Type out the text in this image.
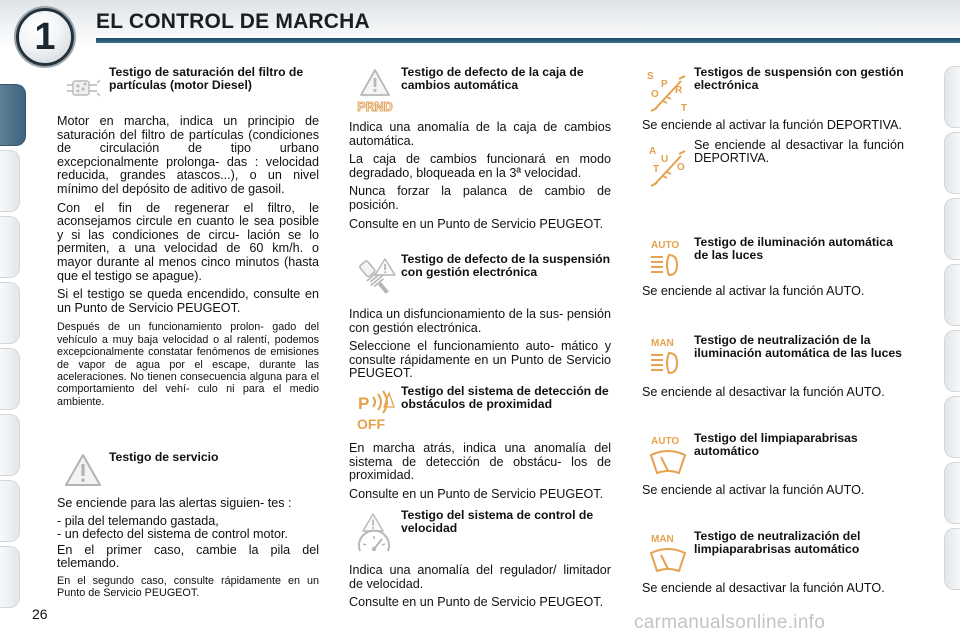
1	EL CONTROL DE MARCHA
Testigo de saturación del filtro de partículas (motor Diesel)

Motor en marcha, indica un principio de saturación del filtro de partículas (condiciones de circulación de tipo urbano excepcionalmente prolonga- das : velocidad reducida, grandes atascos...), o un nivel mínimo del depósito de aditivo de gasoil.

Con el fin de regenerar el filtro, le aconsejamos circule en cuanto le sea posible y si las condiciones de circu- lación se lo permiten, a una velocidad de 60 km/h. o mayor durante al menos cinco minutos (hasta que el testigo se apague).

Si el testigo se queda encendido, consulte en un Punto de Servicio PEUGEOT.

Después de un funcionamiento prolon- gado del vehículo a muy baja velocidad o al ralentí, podemos excepcionalmente constatar fenómenos de emisiones de vapor de agua por el escape, durante las aceleraciones. No tienen consecuencia alguna para el comportamiento del vehí- culo ni para el medio ambiente.

Testigo de servicio

Se enciende para las alertas siguien- tes :

- pila del telemando gastada,
- un defecto del sistema de control motor.

En el primer caso, cambie la pila del telemando.

En el segundo caso, consulte rápidamente en un Punto de Servicio PEUGEOT.

PRND
Testigo de defecto de la caja de cambios automática

Indica una anomalía de la caja de cambios automática.

La caja de cambios funcionará en modo degradado, bloqueada en la 3ª velocidad.

Nunca forzar la palanca de cambio de posición.

Consulte en un Punto de Servicio PEUGEOT.

Testigo de defecto de la suspensión con gestión electrónica

Indica un disfuncionamiento de la sus- pensión con gestión electrónica.

Seleccione el funcionamiento auto- mático y consulte rápidamente en un Punto de Servicio PEUGEOT.

P
OFF
Testigo del sistema de detección de obstáculos de proximidad

En marcha atrás, indica una anomalía del sistema de detección de obstácu- los de proximidad.

Consulte en un Punto de Servicio PEUGEOT.

Testigo del sistema de control de velocidad

Indica una anomalía del regulador/ limitador de velocidad.

Consulte en un Punto de Servicio PEUGEOT.

S
P
R
O
T
Testigos de suspensión con gestión electrónica

Se enciende al activar la función DEPORTIVA.

A
U
T O

Se enciende al desactivar la función DEPORTIVA.

AUTO Testigo de iluminación automática de las luces

Se enciende al activar la función AUTO.

MAN Testigo de neutralización de la iluminación automática de las luces

Se enciende al desactivar la función AUTO.

AUTO Testigo del limpiaparabrisas automático

Se enciende al activar la función AUTO.

MAN Testigo de neutralización del limpiaparabrisas automático

Se enciende al desactivar la función AUTO.

26	carmanualsonline.info
